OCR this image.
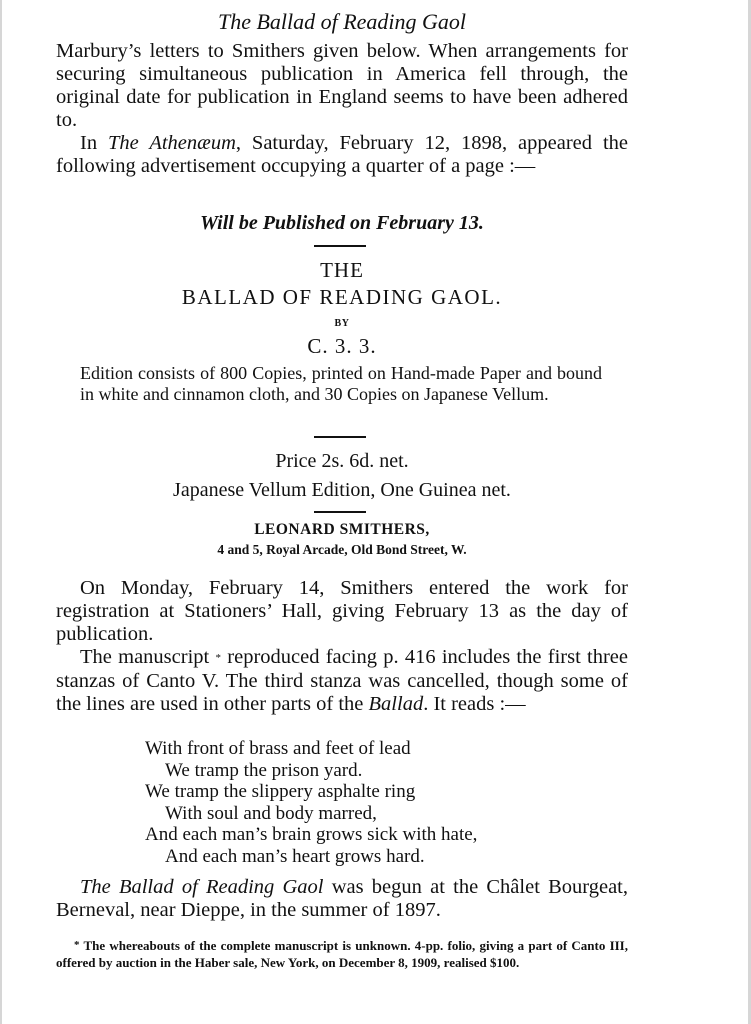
The Ballad of Reading Gaol

Marbury’s letters to Smithers given below. When arrangements for securing simultaneous publication in America fell through, the original date for publication in England seems to have been adhered to.

In The Athenæum, Saturday, February 12, 1898, appeared the following advertisement occupying a quarter of a page :—

Will be Published on February 13.
THE
BALLAD OF READING GAOL.
BY
C. 3. 3.
Edition consists of 800 Copies, printed on Hand-made Paper and bound in white and cinnamon cloth, and 30 Copies on Japanese Vellum.
Price 2s. 6d. net.
Japanese Vellum Edition, One Guinea net.
LEONARD SMITHERS,
4 and 5, Royal Arcade, Old Bond Street, W.

On Monday, February 14, Smithers entered the work for registration at Stationers’ Hall, giving February 13 as the day of publication.

The manuscript * reproduced facing p. 416 includes the first three stanzas of Canto V. The third stanza was cancelled, though some of the lines are used in other parts of the Ballad. It reads :—

With front of brass and feet of lead
We tramp the prison yard.
We tramp the slippery asphalte ring
With soul and body marred,
And each man’s brain grows sick with hate,
And each man’s heart grows hard.

The Ballad of Reading Gaol was begun at the Châlet Bourgeat, Berneval, near Dieppe, in the summer of 1897.

* The whereabouts of the complete manuscript is unknown. 4-pp. folio, giving a part of Canto III, offered by auction in the Haber sale, New York, on December 8, 1909, realised $100.
